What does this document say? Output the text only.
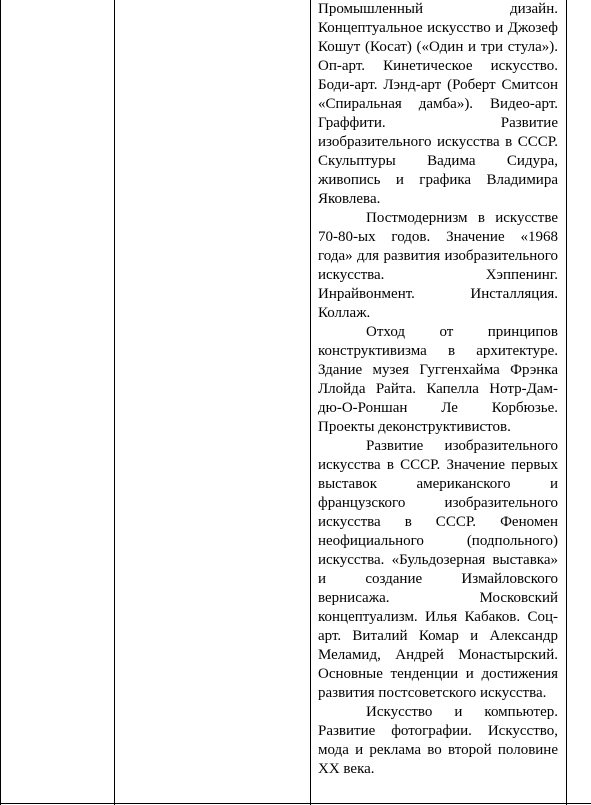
Промышленный дизайн. Концептуальное искусство и Джозеф Кошут (Косат) («Один и три стула»). Оп-арт. Кинетическое искусство. Боди-арт. Лэнд-арт (Роберт Смитсон «Спиральная дамба»). Видео-арт. Граффити. Развитие изобразительного искусства в СССР. Скульптуры Вадима Сидура, живопись и графика Владимира Яковлева.

Постмодернизм в искусстве 70-80-ых годов. Значение «1968 года» для развития изобразительного искусства. Хэппенинг. Инрайвонмент. Инсталляция. Коллаж.

Отход от принципов конструктивизма в архитектуре. Здание музея Гуггенхайма Фрэнка Ллойда Райта. Капелла Нотр-Дам-дю-О-Роншан Ле Корбюзье. Проекты деконструктивистов.

Развитие изобразительного искусства в СССР. Значение первых выставок американского и французского изобразительного искусства в СССР. Феномен неофициального (подпольного) искусства. «Бульдозерная выставка» и создание Измайловского вернисажа. Московский концептуализм. Илья Кабаков. Соц-арт. Виталий Комар и Александр Меламид, Андрей Монастырский. Основные тенденции и достижения развития постсоветского искусства.

Искусство и компьютер. Развитие фотографии. Искусство, мода и реклама во второй половине XX века.
